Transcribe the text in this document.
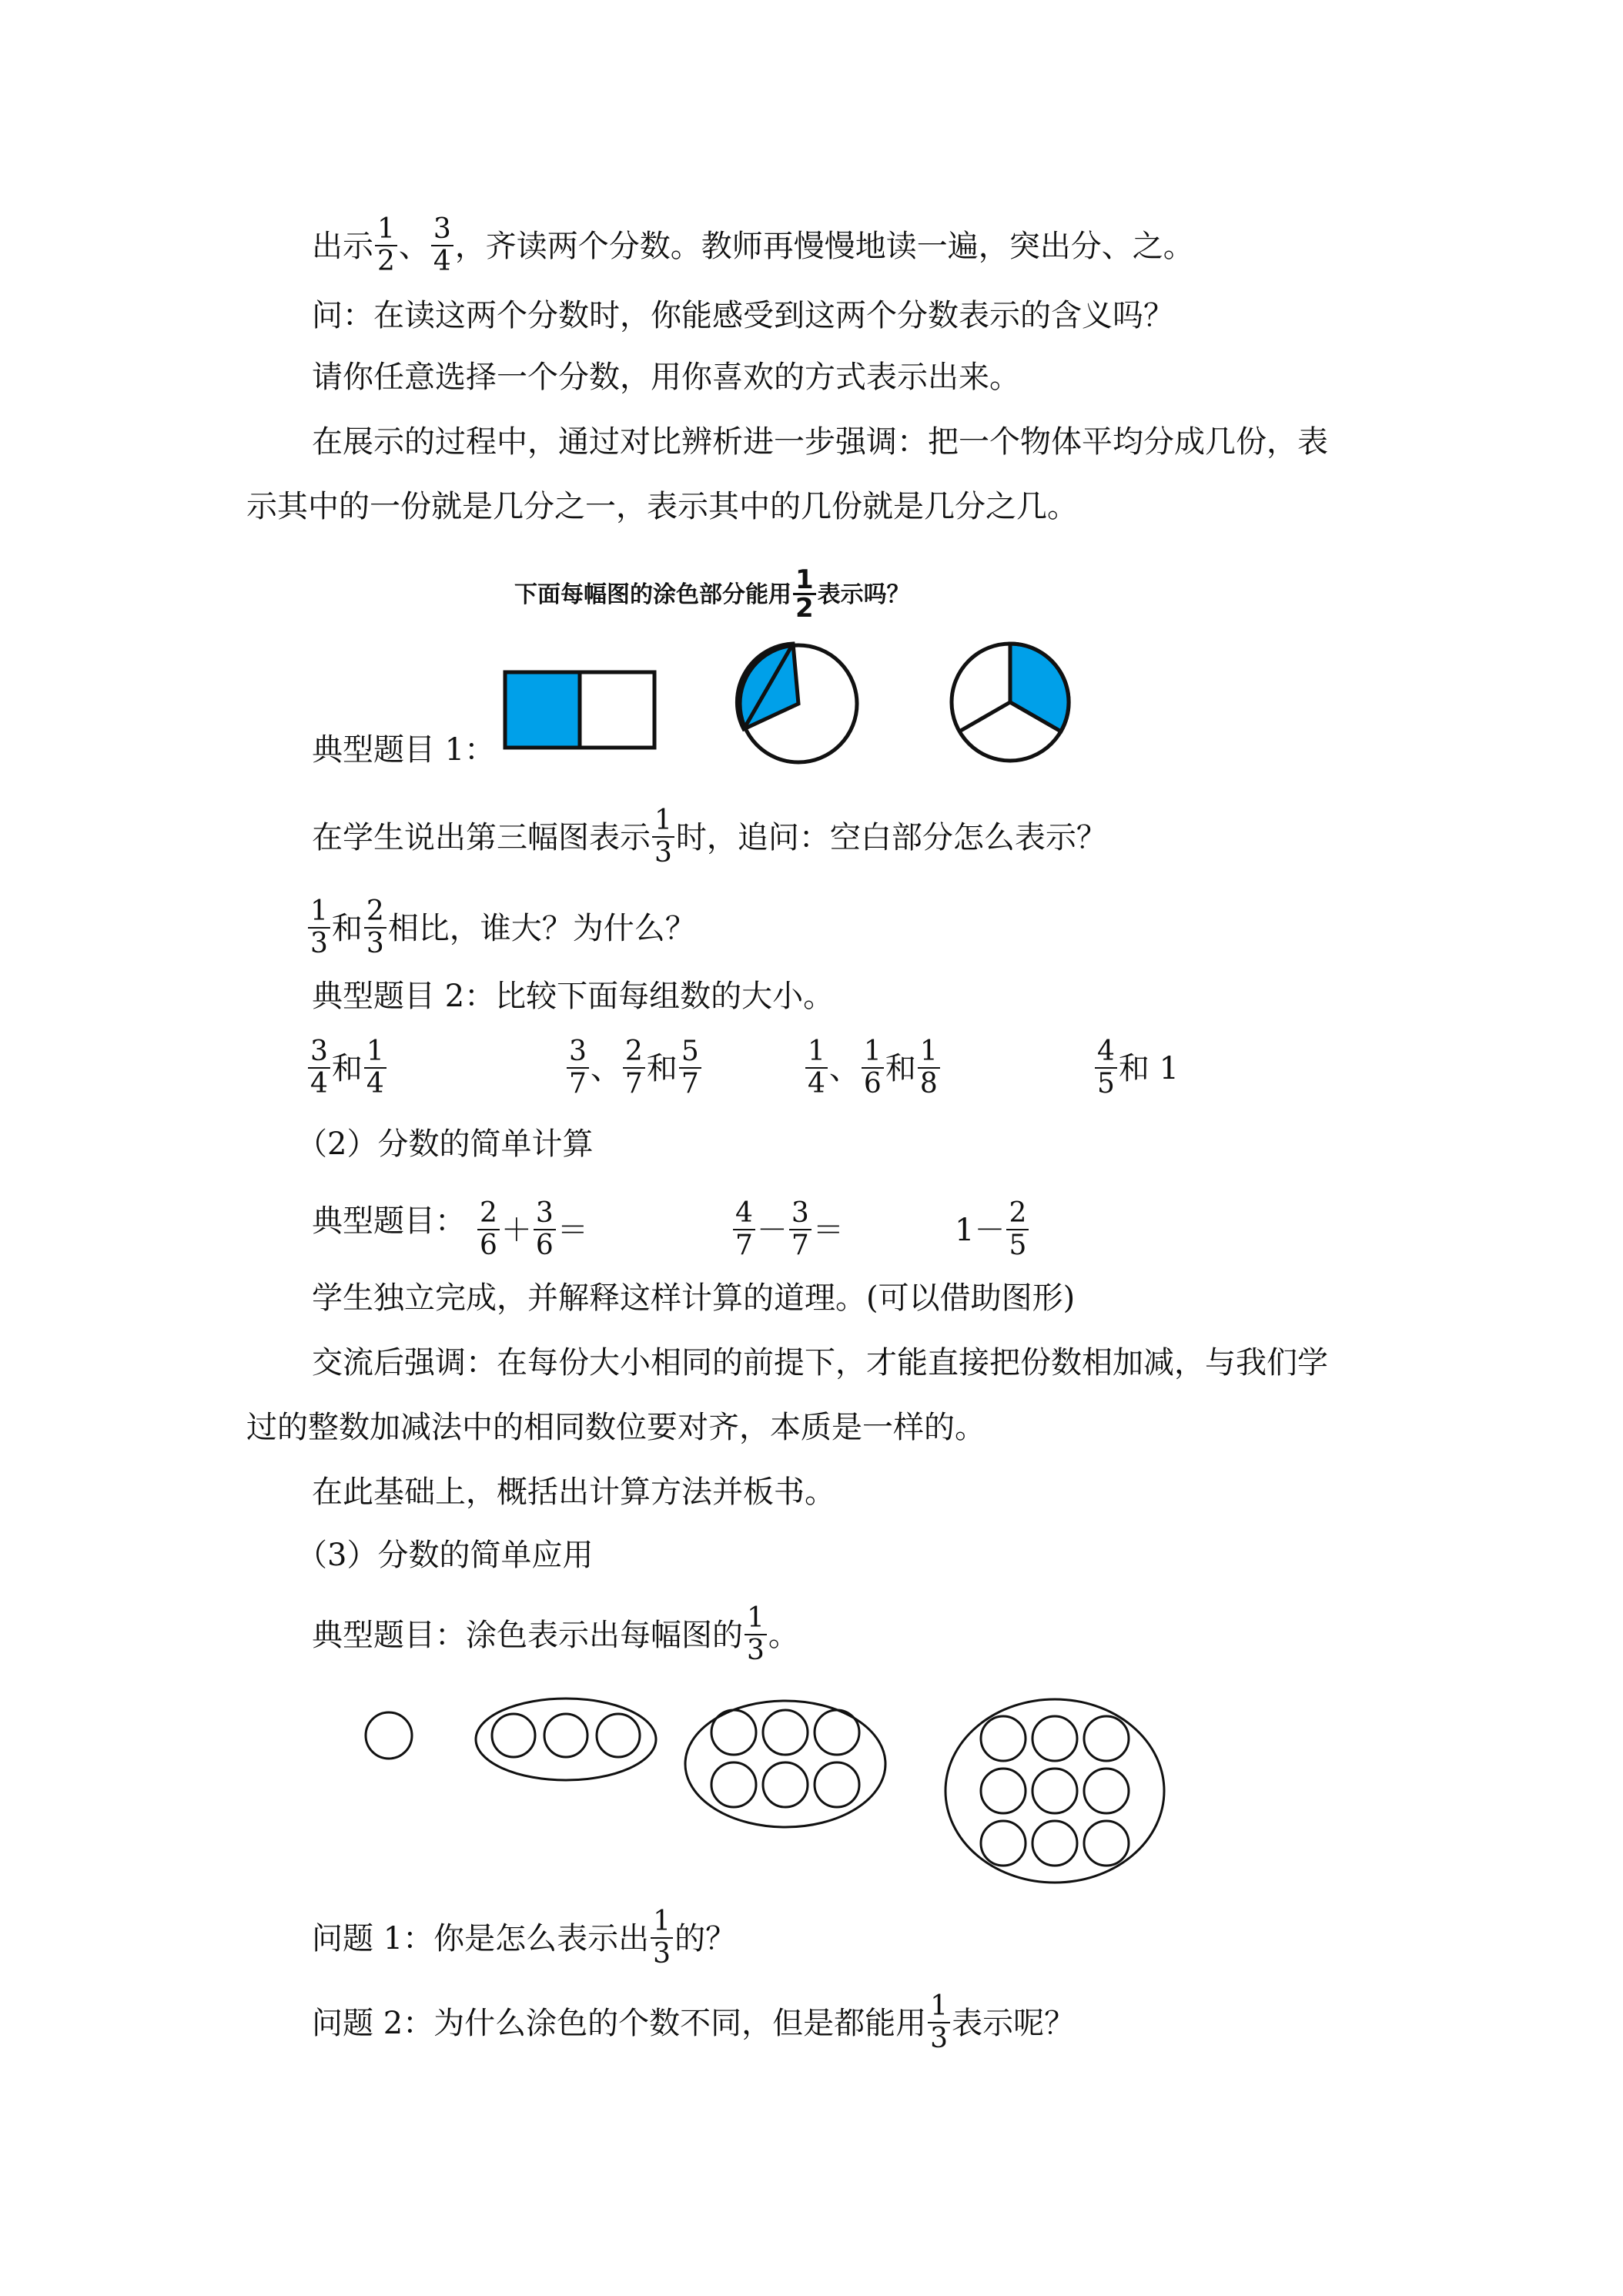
出示 $\frac{1}{2}$ 、 $\frac{3}{4}$ ，齐读两个分数。教师再慢慢地读一遍，突出分、之。
问：在读这两个分数时，你能感受到这两个分数表示的含义吗？
请你任意选择一个分数，用你喜欢的方式表示出来。
在展示的过程中，通过对比辨析进一步强调：把一个物体平均分成几份，表
示其中的一份就是几分之一，表示其中的几份就是几分之几。
下面每幅图的涂色部分能用 $\frac{1}{2}$ 表示吗？
典型题目 1：
在学生说出第三幅图表示 $\frac{1}{3}$ 时，追问：空白部分怎么表示？
$\frac{1}{3}$ 和 $\frac{2}{3}$ 相比，谁大？为什么？
典型题目 2：比较下面每组数的大小。
$\frac{3}{4}$ 和 $\frac{1}{4}$	$\frac{3}{7}$ 、 $\frac{2}{7}$ 和 $\frac{5}{7}$	$\frac{1}{4}$ 、 $\frac{1}{6}$ 和 $\frac{1}{8}$	$\frac{4}{5}$ 和 1
（2）分数的简单计算
典型题目： $\frac{2}{6} + \frac{3}{6}$ ＝	$\frac{4}{7} - \frac{3}{7}$ ＝	$1- \frac{2}{5}$
学生独立完成，并解释这样计算的道理。(可以借助图形)
交流后强调：在每份大小相同的前提下，才能直接把份数相加减，与我们学
过的整数加减法中的相同数位要对齐，本质是一样的。
在此基础上，概括出计算方法并板书。
（3）分数的简单应用
典型题目：涂色表示出每幅图的 $\frac{1}{3}$ 。
问题 1：你是怎么表示出 $\frac{1}{3}$ 的？
问题 2：为什么涂色的个数不同，但是都能用 $\frac{1}{3}$ 表示呢？
